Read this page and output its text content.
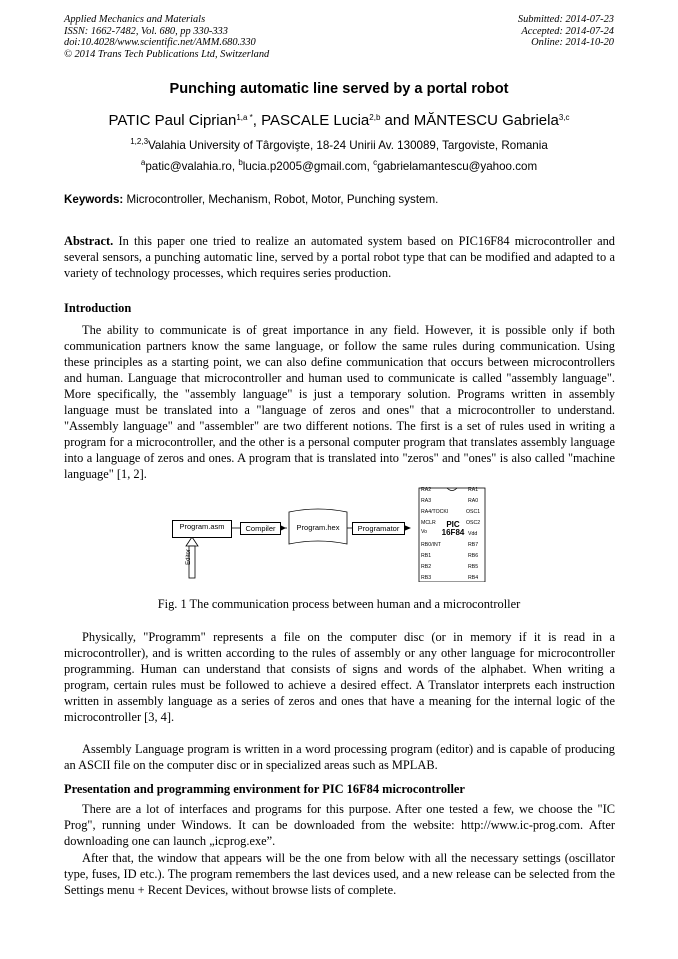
Applied Mechanics and Materials
ISSN: 1662-7482, Vol. 680, pp 330-333
doi:10.4028/www.scientific.net/AMM.680.330
© 2014 Trans Tech Publications Ltd, Switzerland
Submitted: 2014-07-23
Accepted: 2014-07-24
Online: 2014-10-20
Punching automatic line served by a portal robot
PATIC Paul Ciprian$^{1,a *}$, PASCALE Lucia$^{2,b}$ and MĂNTESCU Gabriela$^{3,c}$
$^{1,2,3}$Valahia University of Târgovişte, 18-24 Unirii Av. 130089, Targoviste, Romania
$^a$patic@valahia.ro, $^b$lucia.p2005@gmail.com, $^c$gabrielamantescu@yahoo.com
Keywords: Microcontroller, Mechanism, Robot, Motor, Punching system.
Abstract. In this paper one tried to realize an automated system based on PIC16F84 microcontroller and several sensors, a punching automatic line, served by a portal robot type that can be modified and adapted to a variety of technology processes, which requires series production.
Introduction
The ability to communicate is of great importance in any field. However, it is possible only if both communication partners know the same language, or follow the same rules during communication. Using these principles as a starting point, we can also define communication that occurs between microcontrollers and human. Language that microcontroller and human used to communicate is called "assembly language". More specifically, the "assembly language" is just a temporary solution. Programs written in assembly language must be translated into a "language of zeros and ones" that a microcontroller to understand. "Assembly language" and "assembler" are two different notions. The first is a set of rules used in writing a program for a microcontroller, and the other is a personal computer program that translates assembly language into a language of zeros and ones. A program that is translated into "zeros" and "ones" is also called "machine language" [1, 2].
Program.asm	Compiler	Program.hex	Programator
Editor
PIC 16F84
RA2
RA3
RA4/TOCKI
MCLR
Vo
RB0/INT
RB1
RB2
RB3
RA1
RA0
OSC1
OSC2
Vdd
RB7
RB6
RB5
RB4
Fig. 1 The communication process between human and a microcontroller
Physically, "Programm" represents a file on the computer disc (or in memory if it is read in a microcontroller), and is written according to the rules of assembly or any other language for microcontroller programming. Human can understand that consists of signs and words of the alphabet. When writing a program, certain rules must be followed to achieve a desired effect. A Translator interprets each instruction written in assembly language as a series of zeros and ones that have a meaning for the internal logic of the microcontroller [3, 4].
Assembly Language program is written in a word processing program (editor) and is capable of producing an ASCII file on the computer disc or in specialized areas such as MPLAB.
Presentation and programming environment for PIC 16F84 microcontroller
There are a lot of interfaces and programs for this purpose. After one tested a few, we choose the "IC Prog", running under Windows. It can be downloaded from the website: http://www.ic-prog.com. After downloading one can launch „icprog.exe”.
After that, the window that appears will be the one from below with all the necessary settings (oscillator type, fuses, ID etc.). The program remembers the last devices used, and a new release can be selected from the Settings menu + Recent Devices, without browse lists of complete.
